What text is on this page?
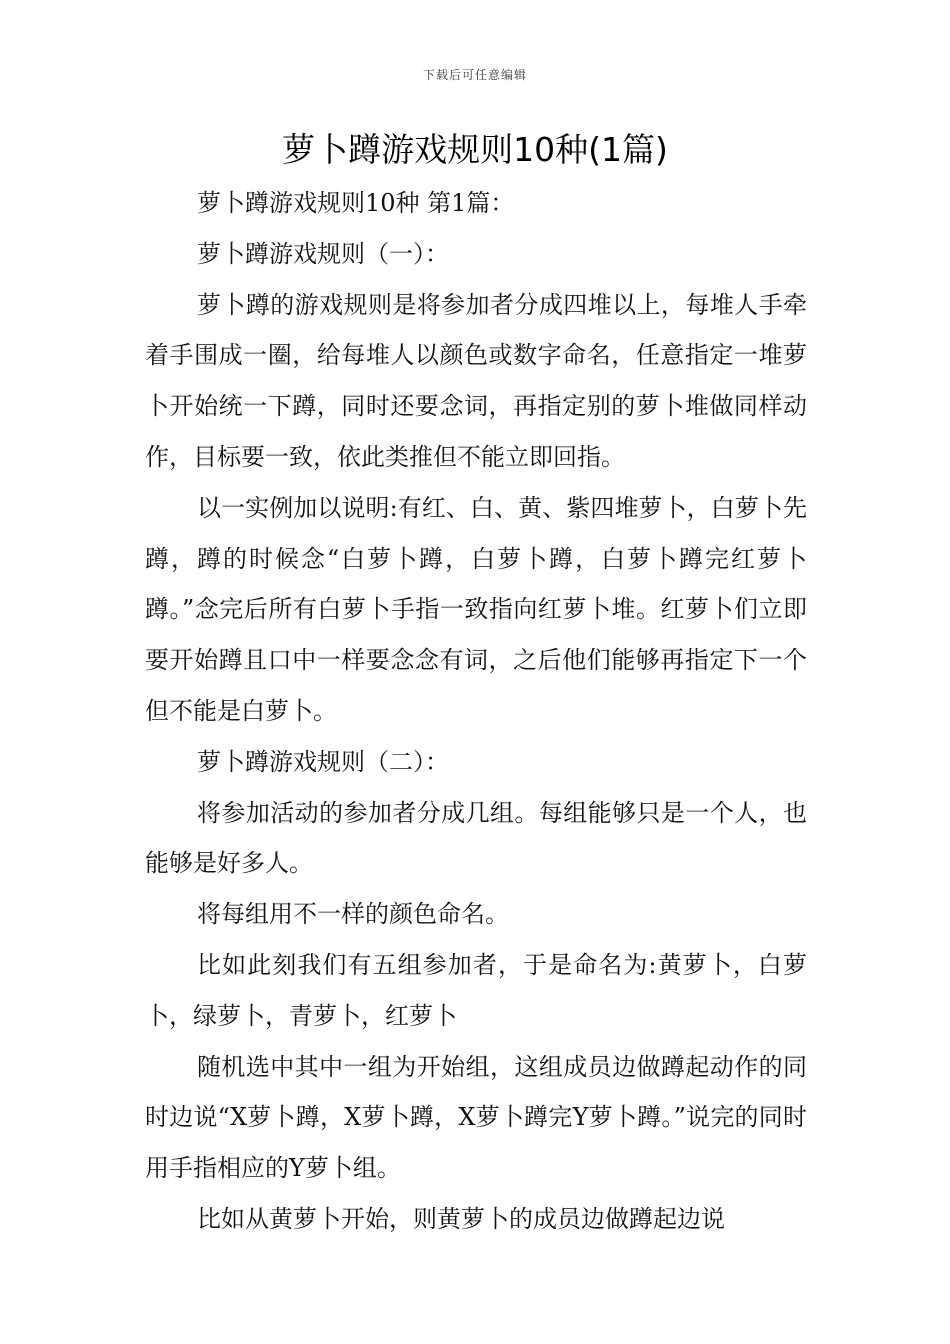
下载后可任意编辑
萝卜蹲游戏规则10种(1篇)

萝卜蹲游戏规则10种 第1篇：

萝卜蹲游戏规则（一）：

萝卜蹲的游戏规则是将参加者分成四堆以上，每堆人手牵着手围成一圈，给每堆人以颜色或数字命名，任意指定一堆萝卜开始统一下蹲，同时还要念词，再指定别的萝卜堆做同样动作，目标要一致，依此类推但不能立即回指。

以一实例加以说明:有红、白、黄、紫四堆萝卜，白萝卜先蹲，蹲的时候念“白萝卜蹲，白萝卜蹲，白萝卜蹲完红萝卜蹲。”念完后所有白萝卜手指一致指向红萝卜堆。红萝卜们立即要开始蹲且口中一样要念念有词，之后他们能够再指定下一个但不能是白萝卜。

萝卜蹲游戏规则（二）：

将参加活动的参加者分成几组。每组能够只是一个人，也能够是好多人。

将每组用不一样的颜色命名。

比如此刻我们有五组参加者，于是命名为:黄萝卜，白萝卜，绿萝卜，青萝卜，红萝卜

随机选中其中一组为开始组，这组成员边做蹲起动作的同时边说“X萝卜蹲，X萝卜蹲，X萝卜蹲完Y萝卜蹲。”说完的同时用手指相应的Y萝卜组。

比如从黄萝卜开始，则黄萝卜的成员边做蹲起边说
